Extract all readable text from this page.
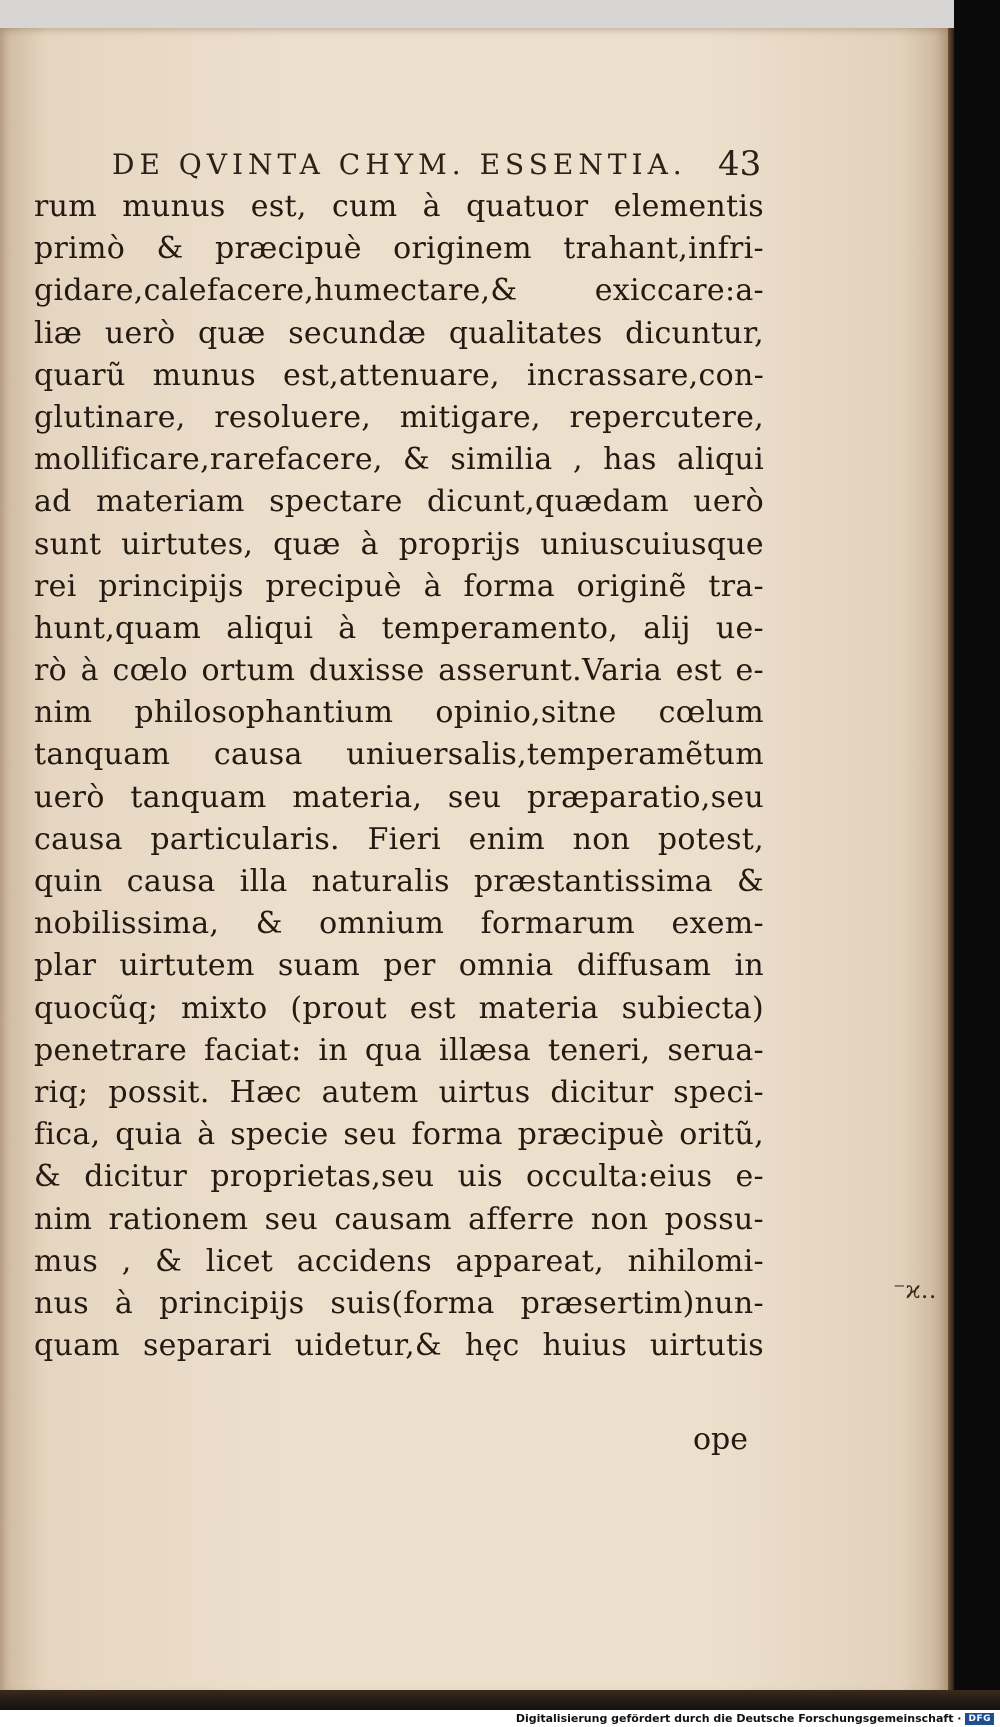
DE QVINTA CHYM. ESSENTIA. 43
rum munus est, cum à quatuor elementis
primò & præcipuè originem trahant,infri-
gidare,calefacere,humectare,& exiccare:a-
liæ uerò quæ secundæ qualitates dicuntur,
quarũ munus est,attenuare, incrassare,con-
glutinare, resoluere, mitigare, repercutere,
mollificare,rarefacere, & similia , has aliqui
ad materiam spectare dicunt,quædam uerò
sunt uirtutes, quæ à proprijs uniuscuiusque
rei principijs precipuè à forma originẽ tra-
hunt,quam aliqui à temperamento, alij ue-
rò à cœlo ortum duxisse asserunt.Varia est e-
nim philosophantium opinio,sitne cœlum
tanquam causa uniuersalis,temperamẽtum
uerò tanquam materia, seu præparatio,seu
causa particularis. Fieri enim non potest,
quin causa illa naturalis præstantissima &
nobilissima, & omnium formarum exem-
plar uirtutem suam per omnia diffusam in
quocũq; mixto (prout est materia subiecta)
penetrare faciat: in qua illæsa teneri, serua-
riq; possit. Hæc autem uirtus dicitur speci-
fica, quia à specie seu forma præcipuè oritũ,
& dicitur proprietas,seu uis occulta:eius e-
nim rationem seu causam afferre non possu-
mus , & licet accidens appareat, nihilomi-
nus à principijs suis(forma præsertim)nun-
quam separari uidetur,& hęc huius uirtutis
ope
⁻ϰ‥
Digitalisierung gefördert durch die Deutsche Forschungsgemeinschaft · DFG
